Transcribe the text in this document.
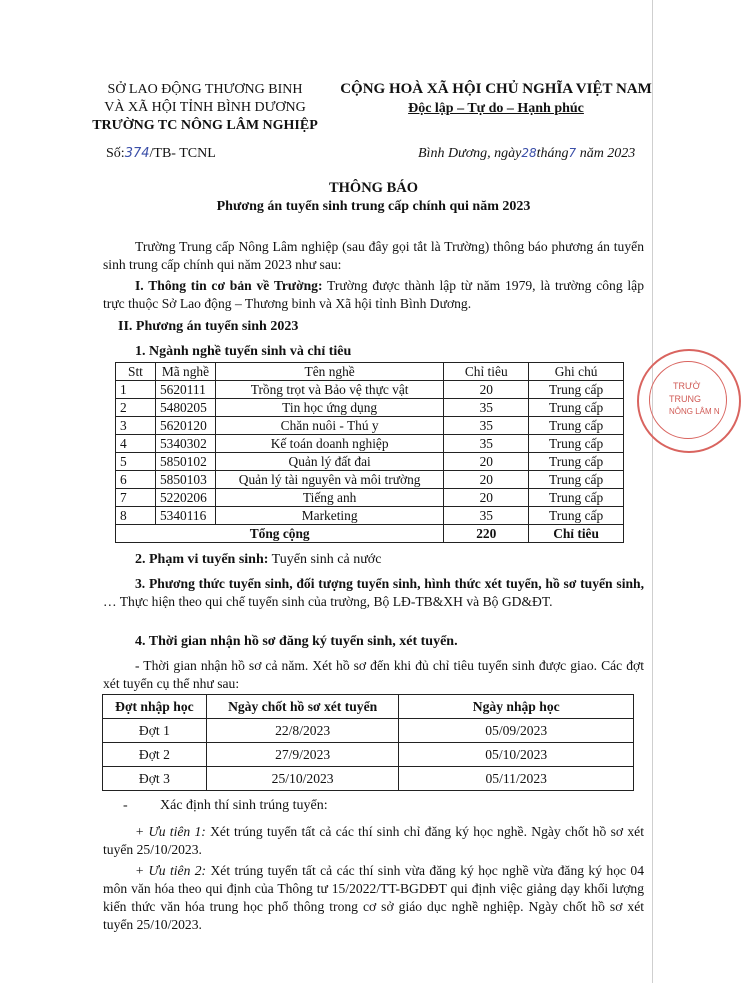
SỞ LAO ĐỘNG THƯƠNG BINH
VÀ XÃ HỘI TỈNH BÌNH DƯƠNG
TRƯỜNG TC NÔNG LÂM NGHIỆP
Số:374/TB- TCNL
CỘNG HOÀ XÃ HỘI CHỦ NGHĨA VIỆT NAM
Độc lập – Tự do – Hạnh phúc
Bình Dương, ngày28tháng7 năm 2023
THÔNG BÁO
Phương án tuyển sinh trung cấp chính qui năm 2023
Trường Trung cấp Nông Lâm nghiệp (sau đây gọi tắt là Trường) thông báo phương án tuyển sinh trung cấp chính qui năm 2023 như sau:
I. Thông tin cơ bản về Trường: Trường được thành lập từ năm 1979, là trường công lập trực thuộc Sở Lao động – Thương binh và Xã hội tỉnh Bình Dương.
II. Phương án tuyển sinh 2023
1. Ngành nghề tuyển sinh và chỉ tiêu
Stt	Mã nghề	Tên nghề	Chỉ tiêu	Ghi chú
1	5620111	Trồng trọt và Bảo vệ thực vật	20	Trung cấp
2	5480205	Tin học ứng dụng	35	Trung cấp
3	5620120	Chăn nuôi - Thú y	35	Trung cấp
4	5340302	Kế toán doanh nghiệp	35	Trung cấp
5	5850102	Quản lý đất đai	20	Trung cấp
6	5850103	Quản lý tài nguyên và môi trường	20	Trung cấp
7	5220206	Tiếng anh	20	Trung cấp
8	5340116	Marketing	35	Trung cấp
Tổng cộng			220	Chỉ tiêu
2. Phạm vi tuyển sinh: Tuyển sinh cả nước
3. Phương thức tuyển sinh, đối tượng tuyển sinh, hình thức xét tuyển, hồ sơ tuyển sinh, … Thực hiện theo qui chế tuyển sinh của trường, Bộ LĐ-TB&XH và Bộ GD&ĐT.
4. Thời gian nhận hồ sơ đăng ký tuyển sinh, xét tuyển.
- Thời gian nhận hồ sơ cả năm. Xét hồ sơ đến khi đủ chỉ tiêu tuyển sinh được giao. Các đợt xét tuyển cụ thể như sau:
Đợt nhập học	Ngày chốt hồ sơ xét tuyển	Ngày nhập học
Đợt 1	22/8/2023	05/09/2023
Đợt 2	27/9/2023	05/10/2023
Đợt 3	25/10/2023	05/11/2023
- Xác định thí sinh trúng tuyển:
+ Ưu tiên 1: Xét trúng tuyển tất cả các thí sinh chỉ đăng ký học nghề. Ngày chốt hồ sơ xét tuyển 25/10/2023.
+ Ưu tiên 2: Xét trúng tuyển tất cả các thí sinh vừa đăng ký học nghề vừa đăng ký học 04 môn văn hóa theo qui định của Thông tư 15/2022/TT-BGDĐT qui định việc giảng dạy khối lượng kiến thức văn hóa trung học phổ thông trong cơ sở giáo dục nghề nghiệp. Ngày chốt hồ sơ xét tuyển 25/10/2023.
TRƯỜ
TRUNG
NÔNG LÂM N
